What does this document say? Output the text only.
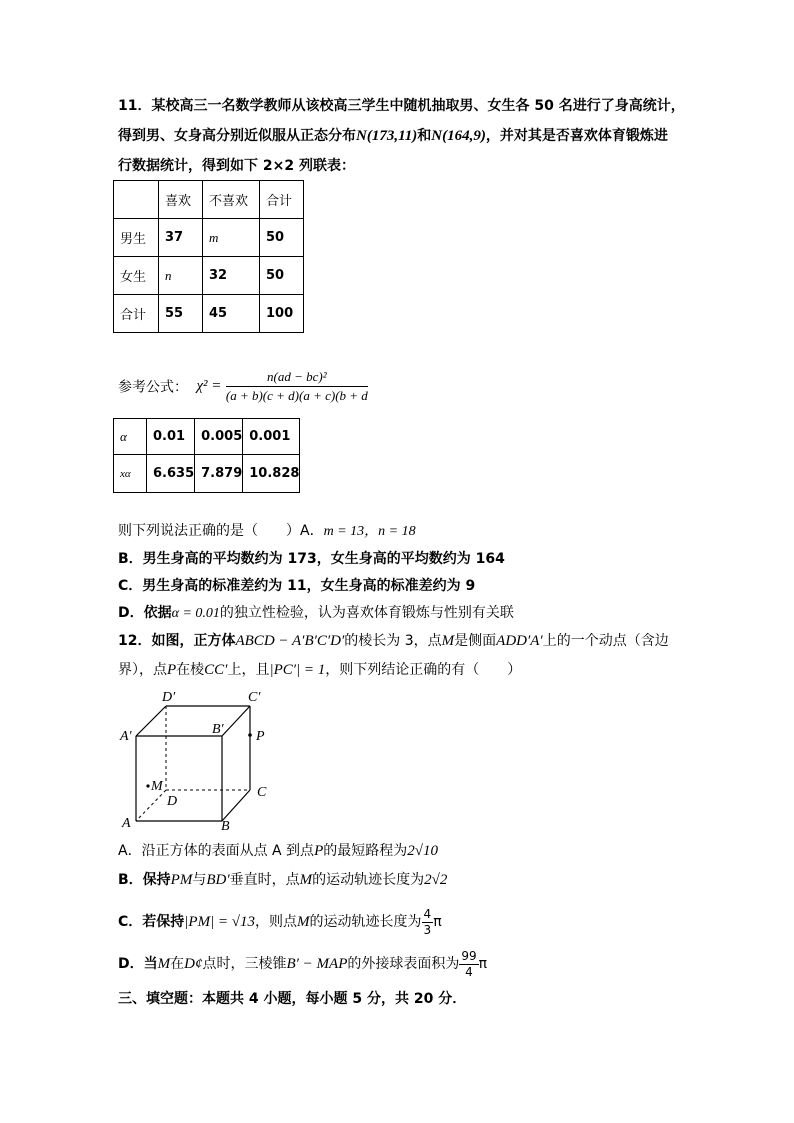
11．某校高三一名数学教师从该校高三学生中随机抽取男、女生各 50 名进行了身高统计，
得到男、女身高分别近似服从正态分布N(173,11)和N(164,9)，并对其是否喜欢体育锻炼进
行数据统计，得到如下 2×2 列联表：
	喜欢	不喜欢	合计
男生	37	m	50
女生	n	32	50
合计	55	45	100
参考公式： $\chi^2 = \frac{\text{n(ad − bc)²}}{(a + b)(c + d)(a + c)(b + d}$
α	0.01	0.005	0.001
xα	6.635	7.879	10.828
则下列说法正确的是（　　）A．m = 13，n = 18
B．男生身高的平均数约为 173，女生身高的平均数约为 164
C．男生身高的标准差约为 11，女生身高的标准差约为 9
D．依据α = 0.01的独立性检验，认为喜欢体育锻炼与性别有关联
12．如图，正方体ABCD − A′B′C′D′的棱长为 3，点M是侧面ADD′A′上的一个动点（含边
界），点P在棱CC′上，且|PC′| = 1，则下列结论正确的有（　　）
D′	C′
A′	B′ P
M
D
C
A	B
A．沿正方体的表面从点 A 到点P的最短路程为2√10
B．保持PM与BD′垂直时，点M的运动轨迹长度为2√2
C．若保持|PM| = √13，则点M的运动轨迹长度为 $\frac{4}{3}$ π
D．当M在D¢点时，三棱锥B′ − MAP的外接球表面积为 $\frac{99}{4}$ π
三、填空题：本题共 4 小题，每小题 5 分，共 20 分．
